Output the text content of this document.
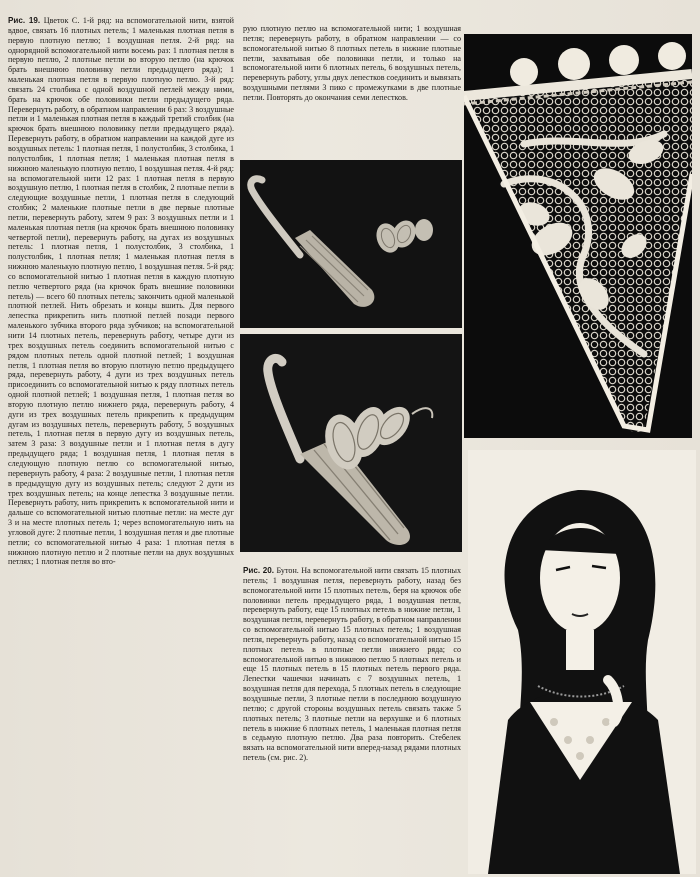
Рис. 19. Цветок С. 1-й ряд: на вспомогательной нити, взятой вдвое, связать 16 плотных петель; 1 маленькая плотная петля в первую плотную петлю; 1 воздушная петля. 2-й ряд: на однорядной вспомогательной нити восемь раз: 1 плотная петля в первую петлю, 2 плотные петли во вторую петлю (на крючок брать внешнюю половинку петли предыдущего ряда); 1 маленькая плотная петля в первую плотную петлю. 3-й ряд: связать 24 столбика с одной воздушной петлей между ними, брать на крючок обе половинки петли предыдущего ряда. Перевернуть работу, в обратном направлении 6 раз: 3 воздушные петли и 1 маленькая плотная петля в каждый третий столбик (на крючок брать внешнюю половинку петли предыдущего ряда). Перевернуть работу, в обратном направлении на каждой дуге из воздушных петель: 1 плотная петля, 1 полустолбик, 3 столбика, 1 полустолбик, 1 плотная петля; 1 маленькая плотная петля в нижнюю маленькую плотную петлю, 1 воздушная петля. 4-й ряд: на вспомогательной нити 12 раз: 1 плотная петля в первую воздушную петлю, 1 плотная петля в столбик, 2 плотные петли в следующие воздушные петли, 1 плотная петля в следующий столбик; 2 маленькие плотные петли в две первые плотные петли, перевернуть работу, затем 9 раз: 3 воздушных петли и 1 маленькая плотная петля (на крючок брать внешнюю половинку четвертой петли), перевернуть работу, на дугах из воздушных петель: 1 плотная петля, 1 полустолбик, 3 столбика, 1 полустолбик, 1 плотная петля; 1 маленькая плотная петля в нижнюю маленькую плотную петлю, 1 воздушная петля. 5-й ряд: со вспомогательной нитью 1 плотная петля в каждую плотную петлю четвертого ряда (на крючок брать внешние половинки петель) — всего 60 плотных петель; закончить одной маленькой плотной петлей. Нить обрезать и концы вшить. Для первого лепестка прикрепить нить плотной петлей позади первого маленького зубчика второго ряда зубчиков; на вспомогательной нити 14 плотных петель, перевернуть работу, четыре дуги из трех воздушных петель соединить вспомогательной нитью с рядом плотных петель одной плотной петлей; 1 воздушная петля, 1 плотная петля во вторую плотную петлю предыдущего ряда, перевернуть работу, 4 дуги из трех воздушных петель присоединить со вспомогательной нитью к ряду плотных петель одной плотной петлей; 1 воздушная петля, 1 плотная петля во вторую плотную петлю нижнего ряда, перевернуть работу, 4 дуги из трех воздушных петель прикрепить к предыдущим дугам из воздушных петель, перевернуть работу, 5 воздушных петель, 1 плотная петля в первую дугу из воздушных петель, затем 3 раза: 3 воздушные петли и 1 плотная петля в дугу предыдущего ряда; 1 воздушная петля, 1 плотная петля в следующую плотную петлю со вспомогательной нитью, перевернуть работу, 4 раза: 2 воздушные петли, 1 плотная петля в предыдущую дугу из воздушных петель; следуют 2 дуги из трех воздушных петель; на конце лепестка 3 воздушные петли. Перевернуть работу, нить прикрепить к вспомогательной нити и дальше со вспомогательной нитью плотные петли: на месте дуг 3 и на месте плотных петель 1; через вспомогательную нить на угловой дуге: 2 плотные петли, 1 воздушная петля и две плотные петли; со вспомогательной нитью 4 раза: 1 плотная петля в нижнюю плотную петлю и 2 плотные петли на двух воздушных петлях; 1 плотная петля во вто-
рую плотную петлю на вспомогательной нити; 1 воздушная петля; перевернуть работу, в обратном направлении — со вспомогательной нитью 8 плотных петель в нижние плотные петли, захватывая обе половинки петли, и только на вспомогательной нити 6 плотных петель, 6 воздушных петель, перевернуть работу, углы двух лепестков соединить и вывязать воздушными петлями 3 пико с промежутками в две плотные петли. Повторять до окончания семи лепестков.
Рис. 20. Бутон. На вспомогательной нити связать 15 плотных петель; 1 воздушная петля, перевернуть работу, назад без вспомогательной нити 15 плотных петель, беря на крючок обе половинки петель предыдущего ряда, 1 воздушная петля, перевернуть работу, еще 15 плотных петель в нижние петли, 1 воздушная петля, перевернуть работу, в обратном направлении со вспомогательной нитью 15 плотных петель; 1 воздушная петля, перевернуть работу, назад со вспомогательной нитью 15 плотных петель в плотные петли нижнего ряда; со вспомогательной нитью в нижнюю петлю 5 плотных петель и еще 15 плотных петель в 15 плотных петель первого ряда. Лепестки чашечки начинать с 7 воздушных петель, 1 воздушная петля для перехода, 5 плотных петель в следующие воздушные петли, 3 плотные петли в последнюю воздушную петлю; с другой стороны воздушных петель связать также 5 плотных петель; 3 плотные петли на верхушке и 6 плотных петель в нижние 6 плотных петель, 1 маленькая плотная петля в седьмую плотную петлю. Два раза повторить. Стебелек вязать на вспомогательной нити вперед-назад рядами плотных петель (см. рис. 2).
